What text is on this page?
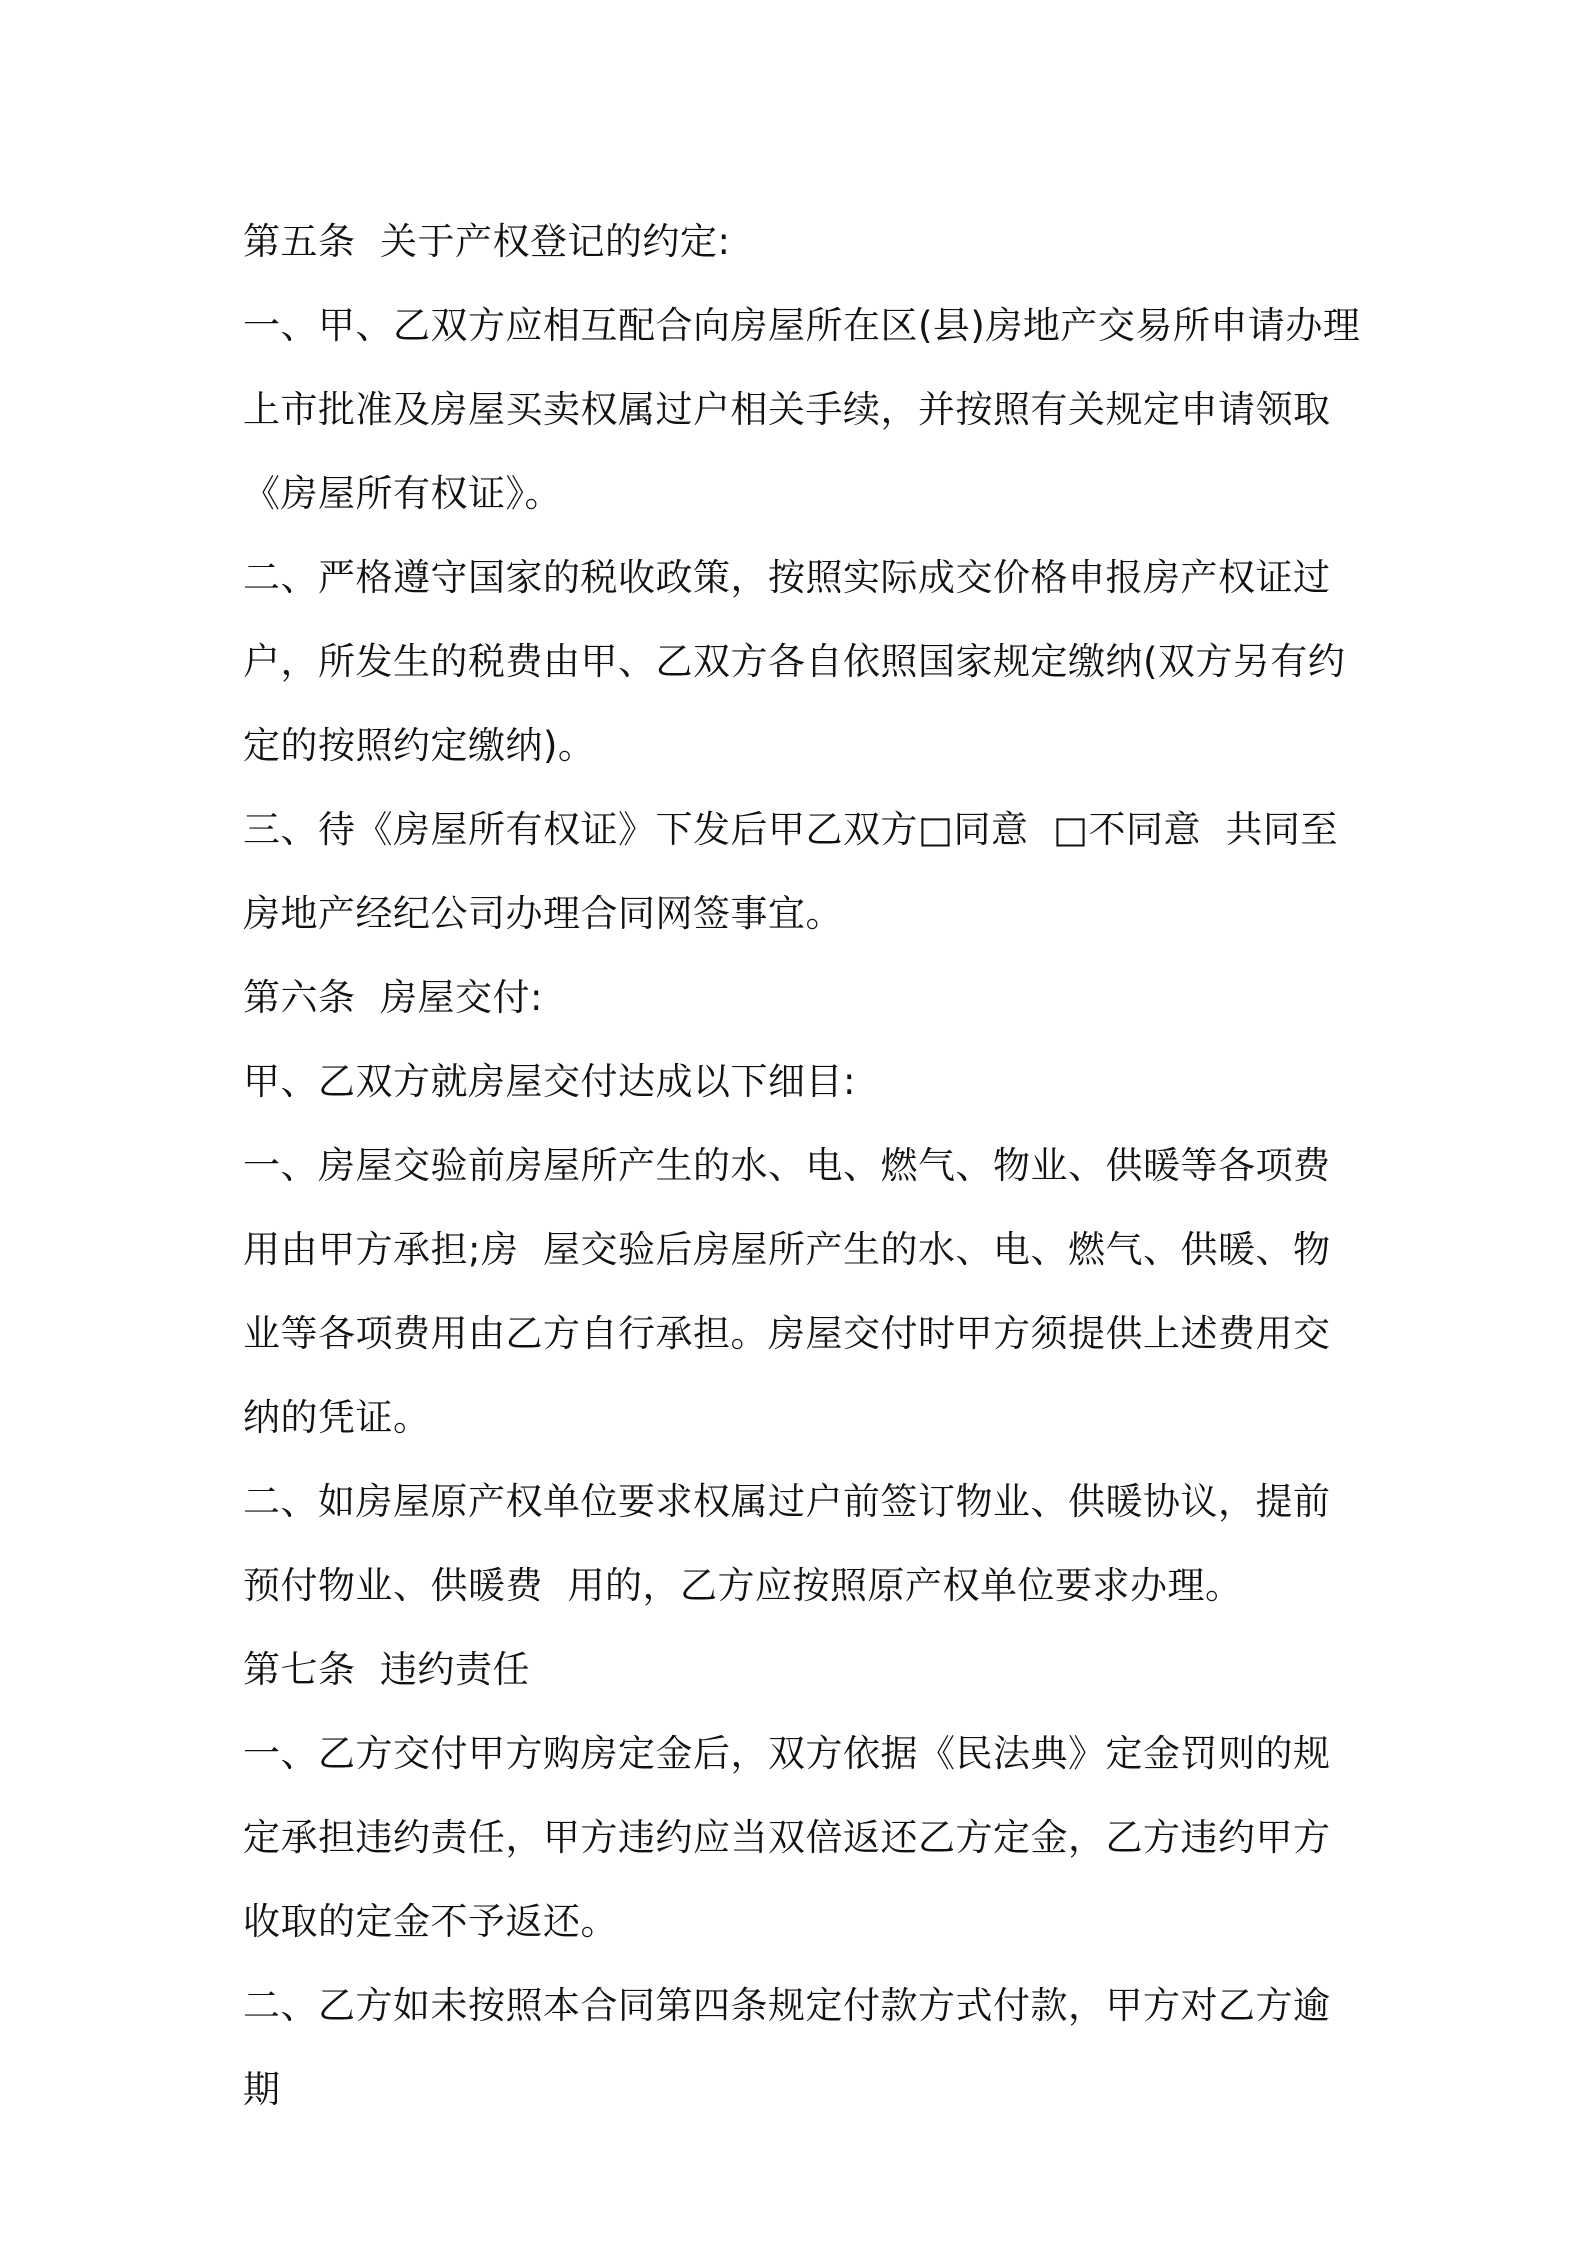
第五条  关于产权登记的约定:

一、甲、乙双方应相互配合向房屋所在区(县)房地产交易所申请办理上市批准及房屋买卖权属过户相关手续，并按照有关规定申请领取《房屋所有权证》。

二、严格遵守国家的税收政策，按照实际成交价格申报房产权证过户，所发生的税费由甲、乙双方各自依照国家规定缴纳(双方另有约定的按照约定缴纳)。

三、待《房屋所有权证》下发后甲乙双方□同意  □不同意  共同至房地产经纪公司办理合同网签事宜。

第六条  房屋交付:

甲、乙双方就房屋交付达成以下细目:

一、房屋交验前房屋所产生的水、电、燃气、物业、供暖等各项费用由甲方承担;房  屋交验后房屋所产生的水、电、燃气、供暖、物业等各项费用由乙方自行承担。房屋交付时甲方须提供上述费用交纳的凭证。

二、如房屋原产权单位要求权属过户前签订物业、供暖协议，提前预付物业、供暖费  用的，乙方应按照原产权单位要求办理。

第七条  违约责任

一、乙方交付甲方购房定金后，双方依据《民法典》定金罚则的规定承担违约责任，甲方违约应当双倍返还乙方定金，乙方违约甲方收取的定金不予返还。

二、乙方如未按照本合同第四条规定付款方式付款，甲方对乙方逾期
